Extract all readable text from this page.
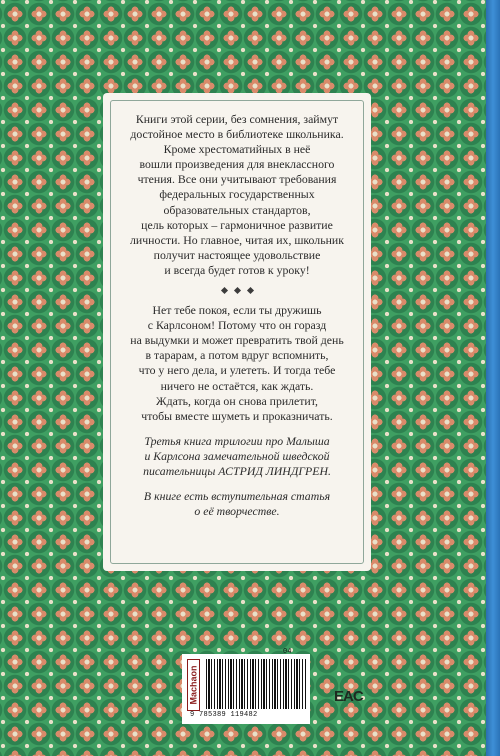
Книги этой серии, без сомнения, займут
достойное место в библиотеке школьника.
Кроме хрестоматийных в неё
вошли произведения для внеклассного
чтения. Все они учитывают требования
федеральных государственных
образовательных стандартов,
цель которых – гармоничное развитие
личности. Но главное, читая их, школьник
получит настоящее удовольствие
и всегда будет готов к уроку!

Нет тебе покоя, если ты дружишь
с Карлсоном! Потому что он горазд
на выдумки и может превратить твой день
в тарарам, а потом вдруг вспомнить,
что у него дела, и улететь. И тогда тебе
ничего не остаётся, как ждать.
Ждать, когда он снова прилетит,
чтобы вместе шуметь и проказничать.

Третья книга трилогии про Малыша
и Карлсона замечательной шведской
писательницы АСТРИД ЛИНДГРЕН.

В книге есть вступительная статья
о её творчестве.

Machaon
04
9 785389 119482
EAC
